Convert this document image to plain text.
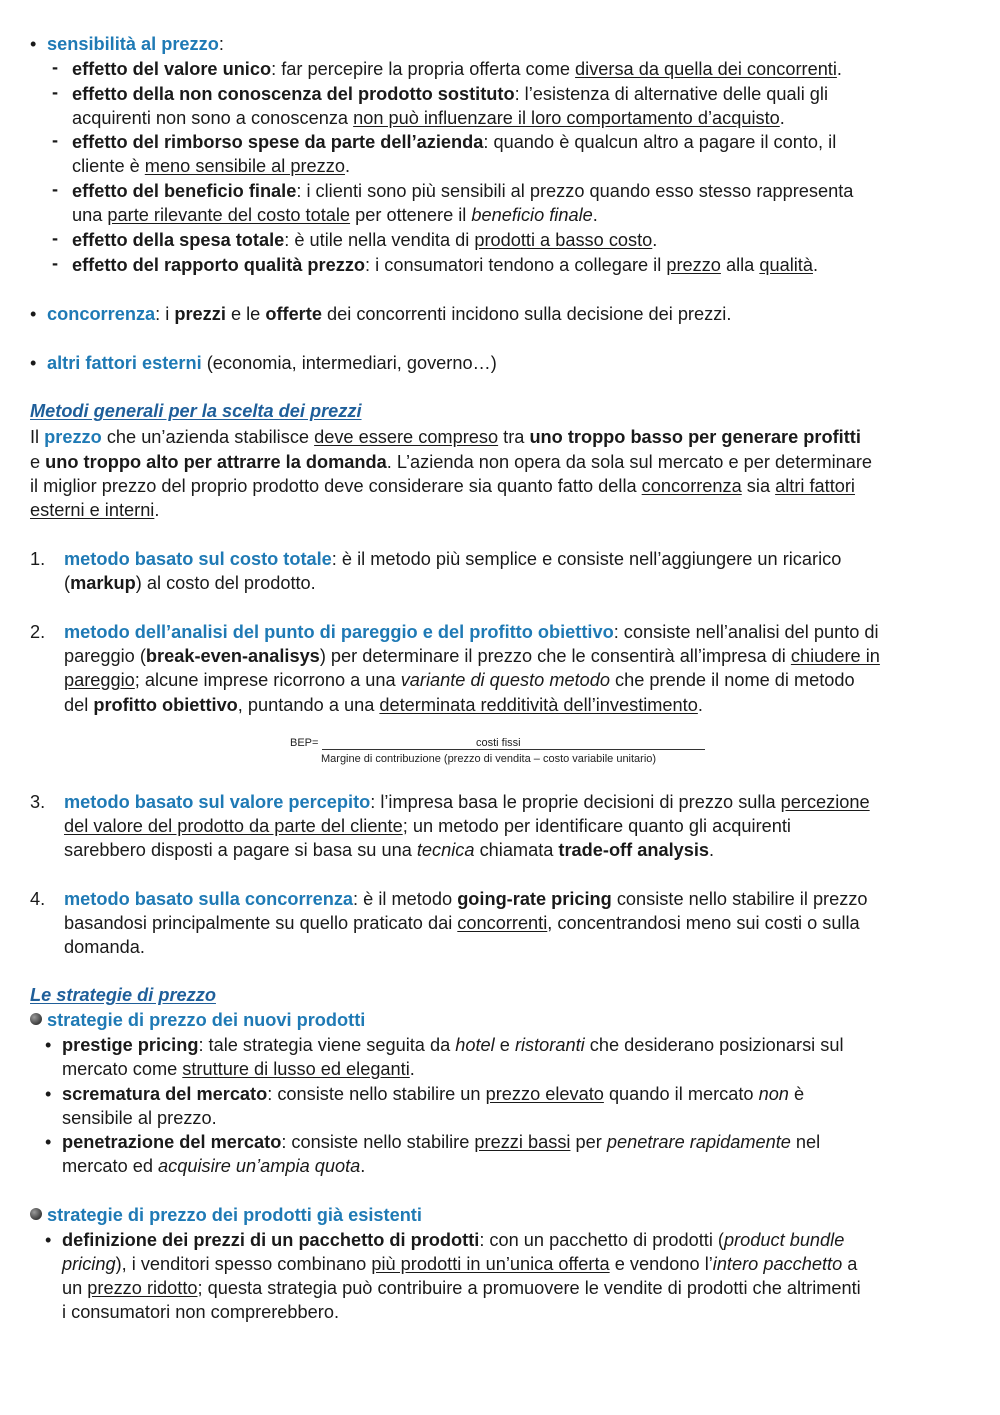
• sensibilità al prezzo:
- effetto del valore unico: far percepire la propria offerta come diversa da quella dei concorrenti.
- effetto della non conoscenza del prodotto sostituto: l’esistenza di alternative delle quali gli
acquirenti non sono a conoscenza non può influenzare il loro comportamento d’acquisto.
- effetto del rimborso spese da parte dell’azienda: quando è qualcun altro a pagare il conto, il
cliente è meno sensibile al prezzo.
- effetto del beneficio finale: i clienti sono più sensibili al prezzo quando esso stesso rappresenta
una parte rilevante del costo totale per ottenere il beneficio finale.
- effetto della spesa totale: è utile nella vendita di prodotti a basso costo.
- effetto del rapporto qualità prezzo: i consumatori tendono a collegare il prezzo alla qualità.
• concorrenza: i prezzi e le offerte dei concorrenti incidono sulla decisione dei prezzi.
• altri fattori esterni (economia, intermediari, governo…)
Metodi generali per la scelta dei prezzi
Il prezzo che un’azienda stabilisce deve essere compreso tra uno troppo basso per generare profitti
e uno troppo alto per attrarre la domanda. L’azienda non opera da sola sul mercato e per determinare
il miglior prezzo del proprio prodotto deve considerare sia quanto fatto della concorrenza sia altri fattori
esterni e interni.
1. metodo basato sul costo totale: è il metodo più semplice e consiste nell’aggiungere un ricarico
(markup) al costo del prodotto.
2. metodo dell’analisi del punto di pareggio e del profitto obiettivo: consiste nell’analisi del punto di
pareggio (break-even-analisys) per determinare il prezzo che le consentirà all’impresa di chiudere in
pareggio; alcune imprese ricorrono a una variante di questo metodo che prende il nome di metodo
del profitto obiettivo, puntando a una determinata redditività dell’investimento.
BEP=	costi fissi
Margine di contribuzione (prezzo di vendita – costo variabile unitario)
3. metodo basato sul valore percepito: l’impresa basa le proprie decisioni di prezzo sulla percezione
del valore del prodotto da parte del cliente; un metodo per identificare quanto gli acquirenti
sarebbero disposti a pagare si basa su una tecnica chiamata trade-off analysis.
4. metodo basato sulla concorrenza: è il metodo going-rate pricing consiste nello stabilire il prezzo
basandosi principalmente su quello praticato dai concorrenti, concentrandosi meno sui costi o sulla
domanda.
Le strategie di prezzo
strategie di prezzo dei nuovi prodotti
• prestige pricing: tale strategia viene seguita da hotel e ristoranti che desiderano posizionarsi sul
mercato come strutture di lusso ed eleganti.
• scrematura del mercato: consiste nello stabilire un prezzo elevato quando il mercato non è
sensibile al prezzo.
• penetrazione del mercato: consiste nello stabilire prezzi bassi per penetrare rapidamente nel
mercato ed acquisire un’ampia quota.
strategie di prezzo dei prodotti già esistenti
• definizione dei prezzi di un pacchetto di prodotti: con un pacchetto di prodotti (product bundle
pricing), i venditori spesso combinano più prodotti in un’unica offerta e vendono l’intero pacchetto a
un prezzo ridotto; questa strategia può contribuire a promuovere le vendite di prodotti che altrimenti
i consumatori non comprerebbero.
